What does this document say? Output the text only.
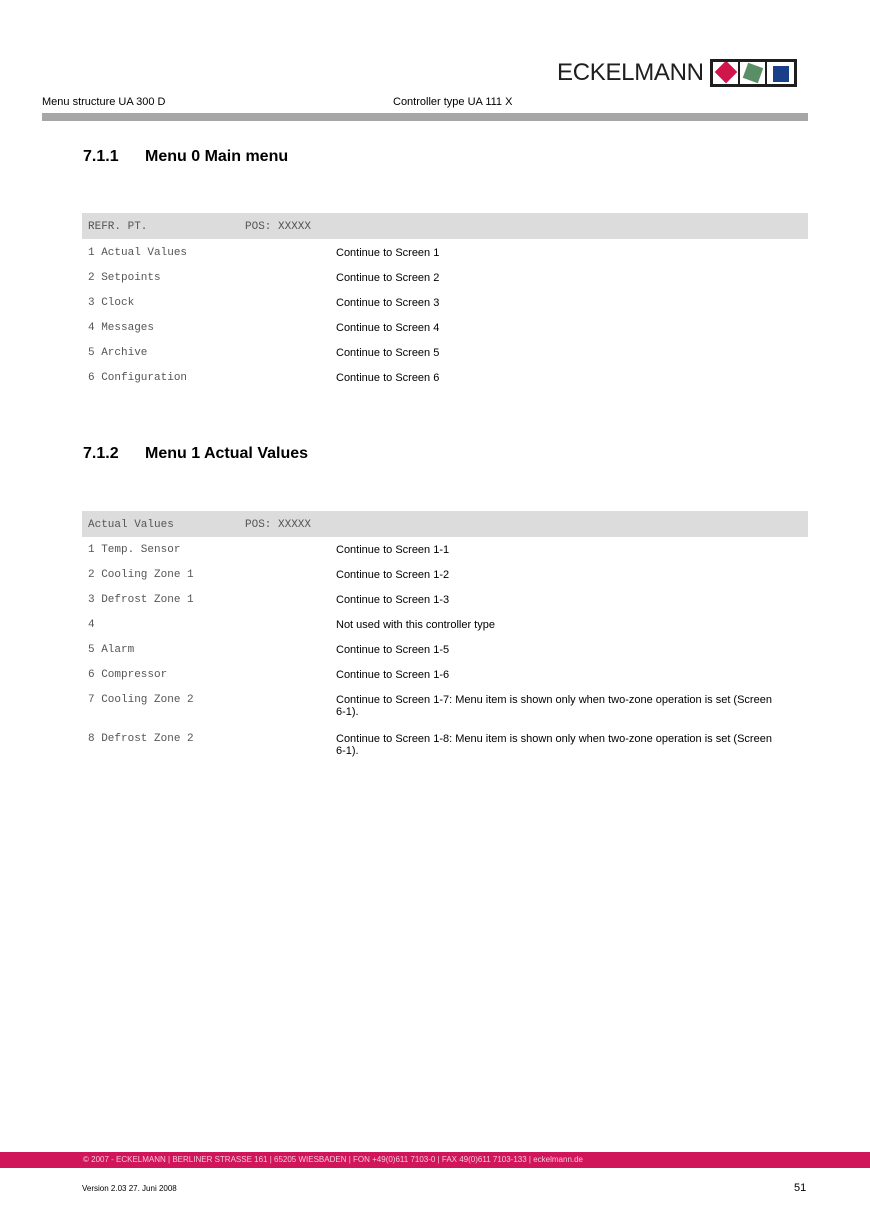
ECKELMANN
Menu structure UA 300 D	Controller type UA 111 X
7.1.1 Menu 0 Main menu
REFR. PT.	POS: XXXXX
1 Actual Values	Continue to Screen 1
2 Setpoints	Continue to Screen 2
3 Clock	Continue to Screen 3
4 Messages	Continue to Screen 4
5 Archive	Continue to Screen 5
6 Configuration	Continue to Screen 6
7.1.2 Menu 1 Actual Values
Actual Values	POS: XXXXX
1 Temp. Sensor	Continue to Screen 1-1
2 Cooling Zone 1	Continue to Screen 1-2
3 Defrost Zone 1	Continue to Screen 1-3
4	Not used with this controller type
5 Alarm	Continue to Screen 1-5
6 Compressor	Continue to Screen 1-6
7 Cooling Zone 2	Continue to Screen 1-7: Menu item is shown only when two-zone operation is set (Screen 6-1).
8 Defrost Zone 2	Continue to Screen 1-8: Menu item is shown only when two-zone operation is set (Screen 6-1).
© 2007 - ECKELMANN | BERLINER STRASSE 161 | 65205 WIESBADEN | FON +49(0)611 7103-0 | FAX 49(0)611 7103-133 | eckelmann.de
Version 2.03 27. Juni 2008	51
